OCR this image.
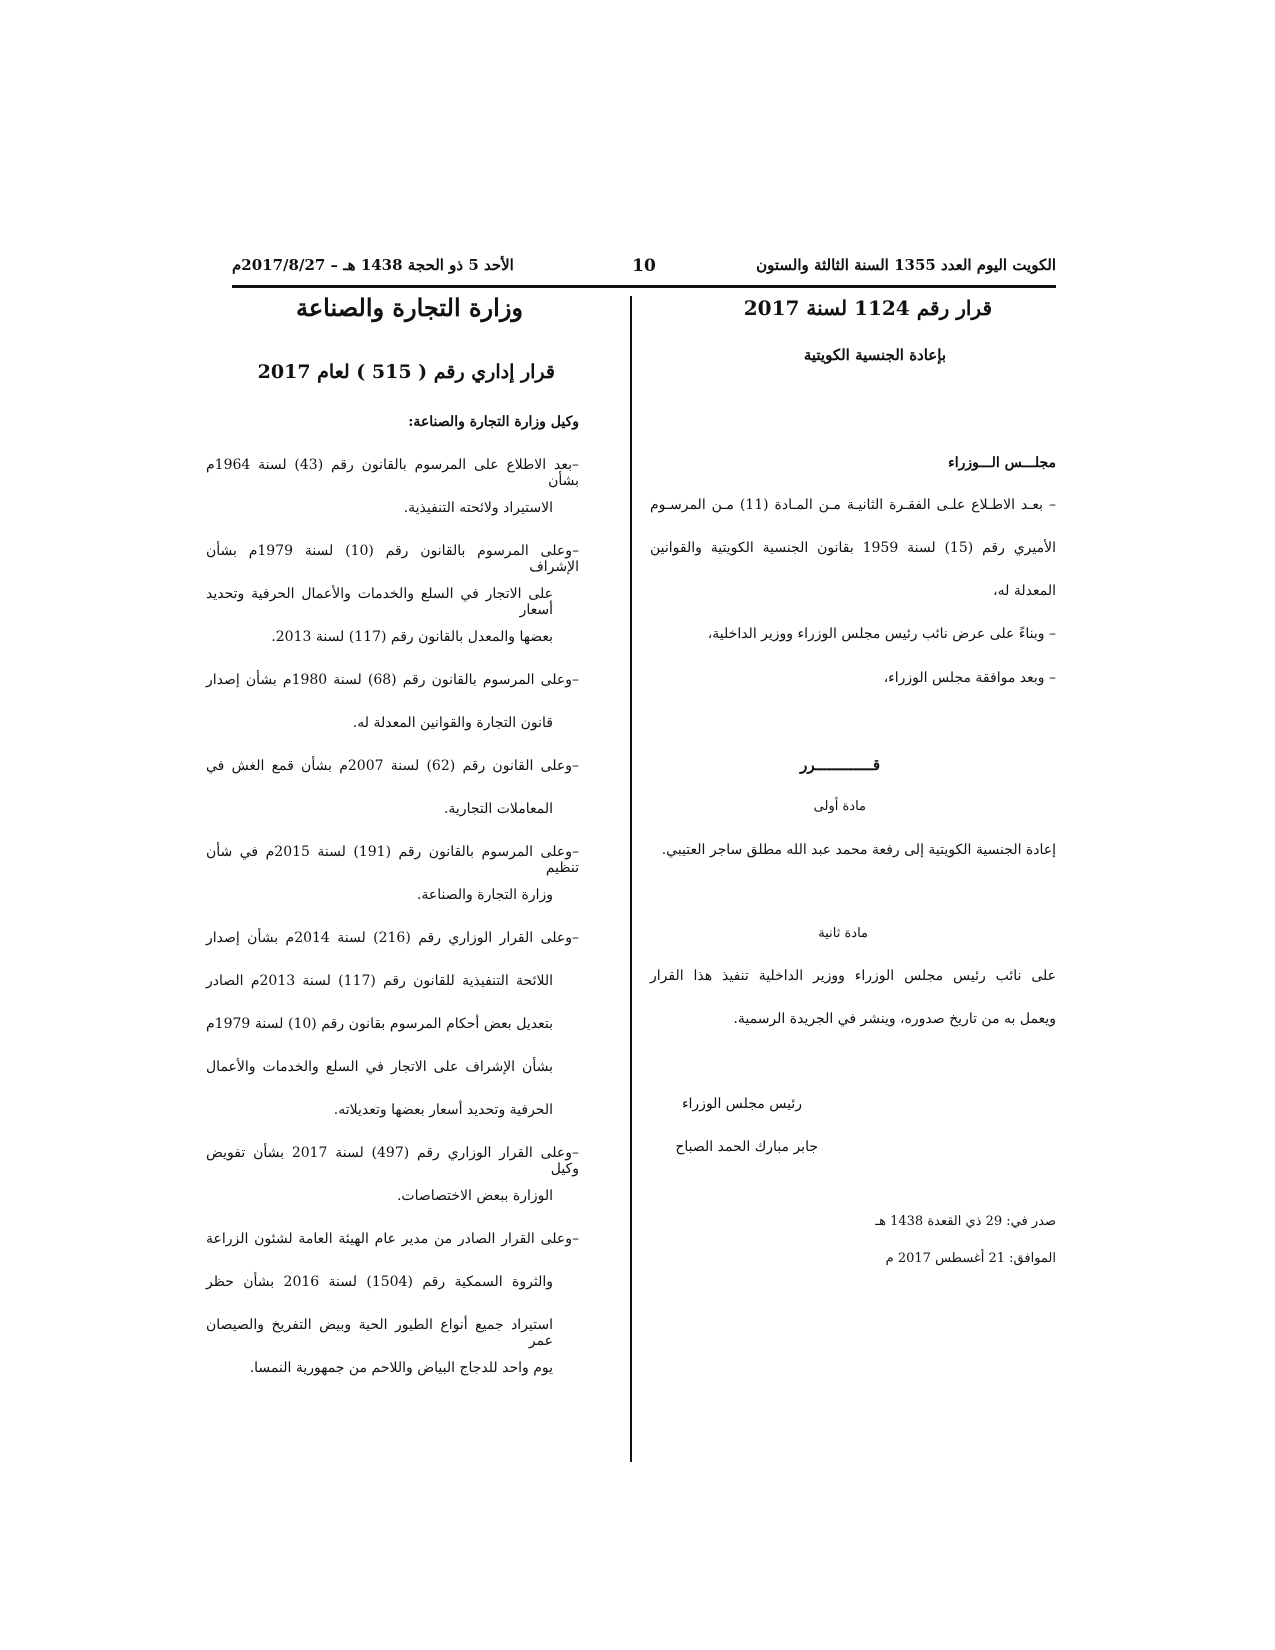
10	الكويت اليوم العدد 1355 السنة الثالثة والستون
الأحد 5 ذو الحجة 1438 هـ – 2017/8/27م
قرار رقم 1124 لسنة 2017
بإعادة الجنسية الكويتية
مجلـــس الـــوزراء
– بعـد الاطـلاع علـى الفقـرة الثانيـة مـن المـادة (11) مـن المرسـوم
الأميري رقم (15) لسنة 1959 بقانون الجنسية الكويتية والقوانين
المعدلة له،
– وبناءً على عرض نائب رئيس مجلس الوزراء ووزير الداخلية،
– وبعد موافقة مجلس الوزراء،
قـــــــــــــرر
مادة أولى
إعادة الجنسية الكويتية إلى رفعة محمد عبد الله مطلق ساجر العتيبي.
مادة ثانية
على نائب رئيس مجلس الوزراء ووزير الداخلية تنفيذ هذا القرار
ويعمل به من تاريخ صدوره، وينشر في الجريدة الرسمية.
رئيس مجلس الوزراء
جابر مبارك الحمد الصباح
صدر في: 29 ذي القعدة 1438 هـ
الموافق: 21 أغسطس 2017 م
وزارة التجارة والصناعة
قرار إداري رقم ( 515 ) لعام 2017
وكيل وزارة التجارة والصناعة:
–بعد الاطلاع على المرسوم بالقانون رقم (43) لسنة 1964م بشأن
الاستيراد ولائحته التنفيذية.
–وعلى المرسوم بالقانون رقم (10) لسنة 1979م بشأن الإشراف
على الاتجار في السلع والخدمات والأعمال الحرفية وتحديد أسعار
بعضها والمعدل بالقانون رقم (117) لسنة 2013.
–وعلى المرسوم بالقانون رقم (68) لسنة 1980م بشأن إصدار
قانون التجارة والقوانين المعدلة له.
–وعلى القانون رقم (62) لسنة 2007م بشأن قمع الغش في
المعاملات التجارية.
–وعلى المرسوم بالقانون رقم (191) لسنة 2015م في شأن تنظيم
وزارة التجارة والصناعة.
–وعلى القرار الوزاري رقم (216) لسنة 2014م بشأن إصدار
اللائحة التنفيذية للقانون رقم (117) لسنة 2013م الصادر
بتعديل بعض أحكام المرسوم بقانون رقم (10) لسنة 1979م
بشأن الإشراف على الاتجار في السلع والخدمات والأعمال
الحرفية وتحديد أسعار بعضها وتعديلاته.
–وعلى القرار الوزاري رقم (497) لسنة 2017 بشأن تفويض وكيل
الوزارة ببعض الاختصاصات.
–وعلى القرار الصادر من مدير عام الهيئة العامة لشئون الزراعة
والثروة السمكية رقم (1504) لسنة 2016 بشأن حظر
استيراد جميع أنواع الطيور الحية وبيض التفريخ والصيصان عمر
يوم واحد للدجاج البياض واللاحم من جمهورية النمسا.
